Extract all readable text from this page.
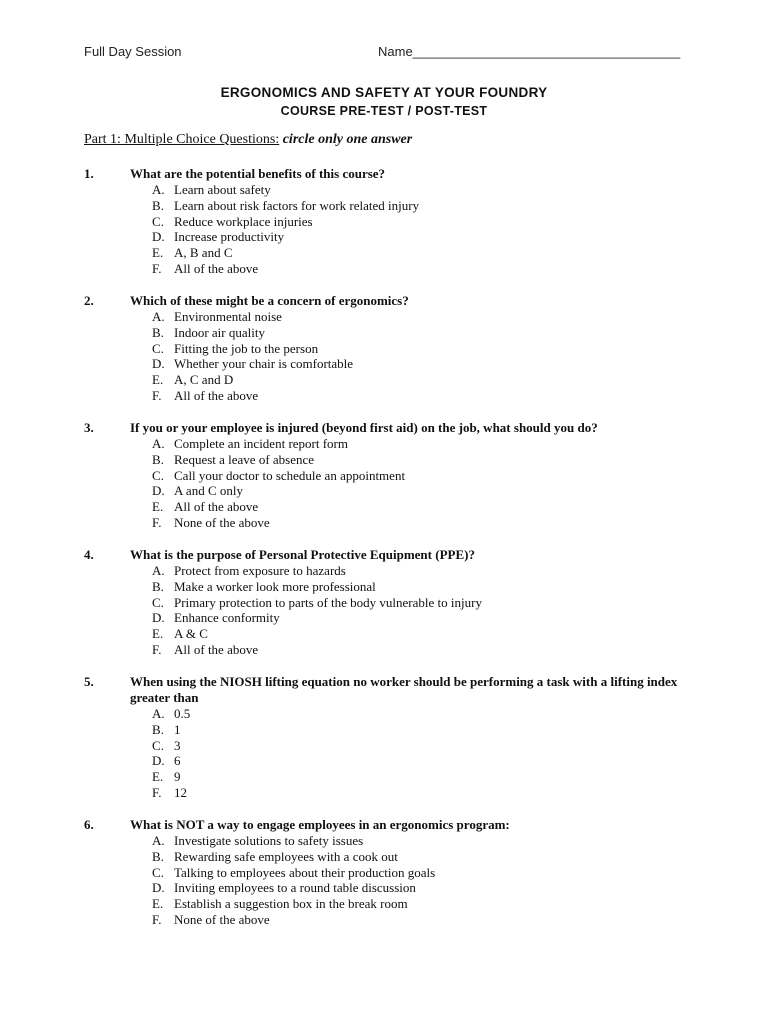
Full Day Session	Name_____________________________________
ERGONOMICS AND SAFETY AT YOUR FOUNDRY
COURSE PRE-TEST / POST-TEST
Part 1: Multiple Choice Questions: circle only one answer
1.	What are the potential benefits of this course?
A. Learn about safety
B. Learn about risk factors for work related injury
C. Reduce workplace injuries
D. Increase productivity
E. A, B and C
F. All of the above
2.	Which of these might be a concern of ergonomics?
A. Environmental noise
B. Indoor air quality
C. Fitting the job to the person
D. Whether your chair is comfortable
E. A, C and D
F. All of the above
3.	If you or your employee is injured (beyond first aid) on the job, what should you do?
A. Complete an incident report form
B. Request a leave of absence
C. Call your doctor to schedule an appointment
D. A and C only
E. All of the above
F. None of the above
4.	What is the purpose of Personal Protective Equipment (PPE)?
A. Protect from exposure to hazards
B. Make a worker look more professional
C. Primary protection to parts of the body vulnerable to injury
D. Enhance conformity
E. A & C
F. All of the above
5.	When using the NIOSH lifting equation no worker should be performing a task with a lifting index greater than
A. 0.5
B. 1
C. 3
D. 6
E. 9
F. 12
6.	What is NOT a way to engage employees in an ergonomics program:
A. Investigate solutions to safety issues
B. Rewarding safe employees with a cook out
C. Talking to employees about their production goals
D. Inviting employees to a round table discussion
E. Establish a suggestion box in the break room
F. None of the above
